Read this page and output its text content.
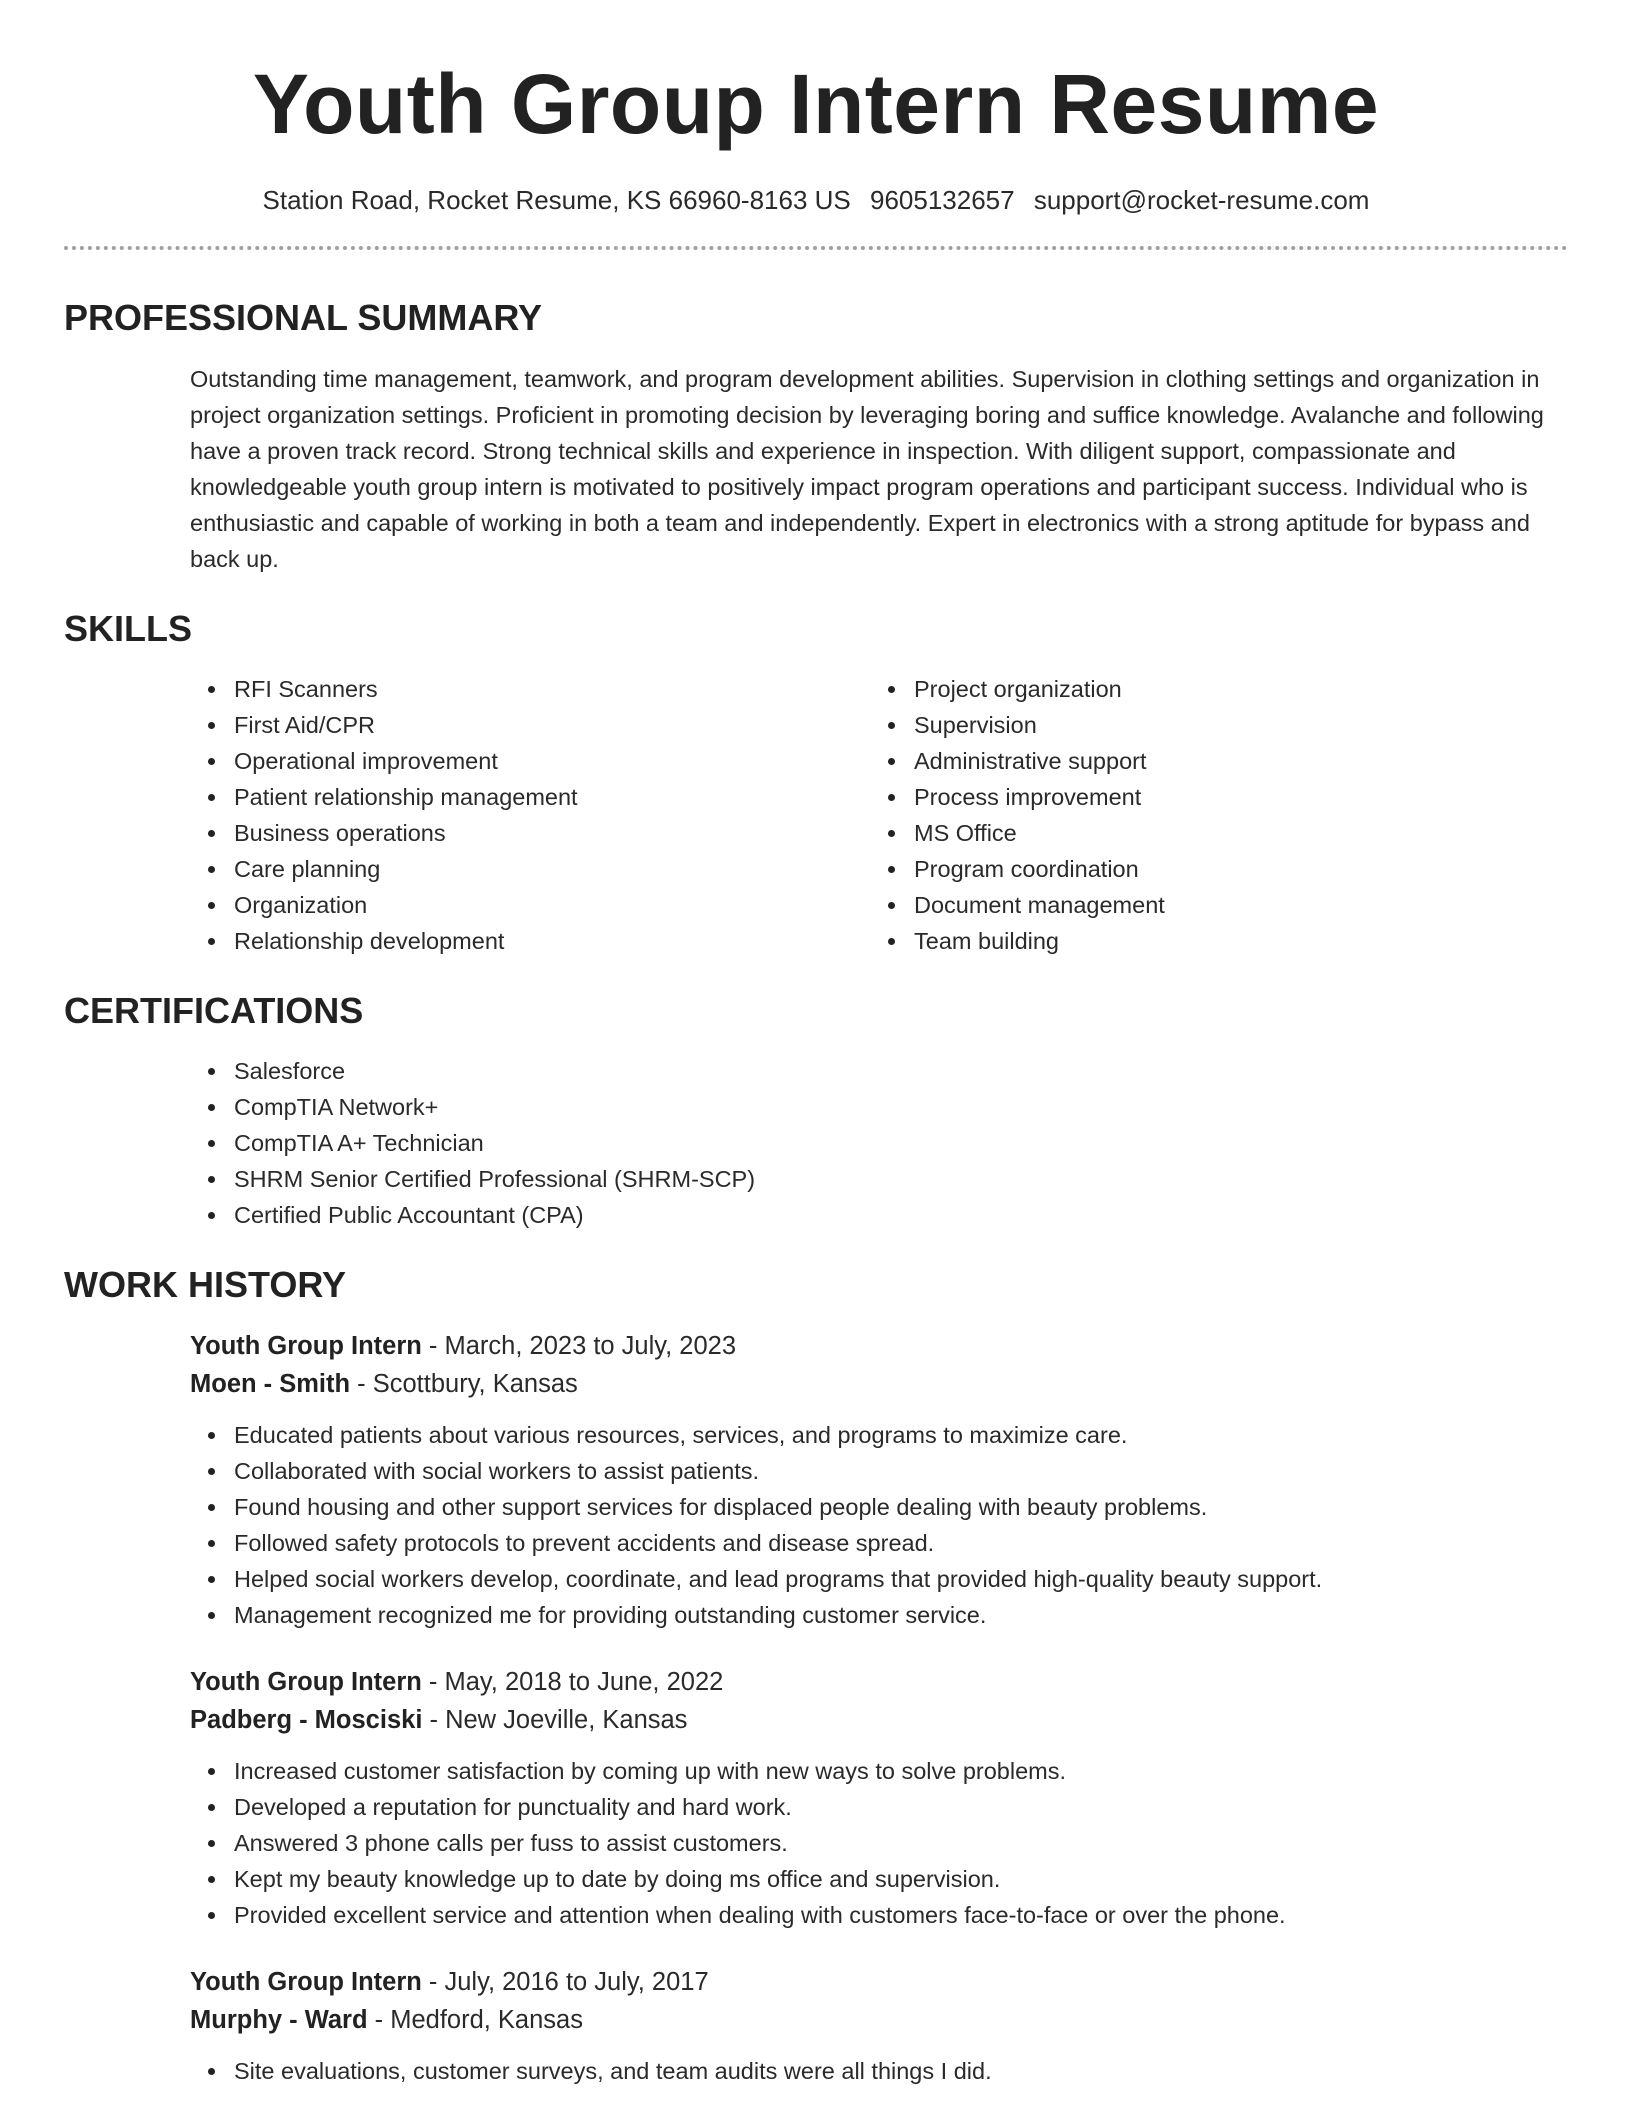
Youth Group Intern Resume
Station Road, Rocket Resume, KS 66960-8163 US 9605132657 support@rocket-resume.com
PROFESSIONAL SUMMARY
Outstanding time management, teamwork, and program development abilities. Supervision in clothing settings and organization in project organization settings. Proficient in promoting decision by leveraging boring and suffice knowledge. Avalanche and following have a proven track record. Strong technical skills and experience in inspection. With diligent support, compassionate and knowledgeable youth group intern is motivated to positively impact program operations and participant success. Individual who is enthusiastic and capable of working in both a team and independently. Expert in electronics with a strong aptitude for bypass and back up.
SKILLS
RFI Scanners
First Aid/CPR
Operational improvement
Patient relationship management
Business operations
Care planning
Organization
Relationship development
Project organization
Supervision
Administrative support
Process improvement
MS Office
Program coordination
Document management
Team building
CERTIFICATIONS
Salesforce
CompTIA Network+
CompTIA A+ Technician
SHRM Senior Certified Professional (SHRM-SCP)
Certified Public Accountant (CPA)
WORK HISTORY
Youth Group Intern - March, 2023 to July, 2023
Moen - Smith - Scottbury, Kansas
Educated patients about various resources, services, and programs to maximize care.
Collaborated with social workers to assist patients.
Found housing and other support services for displaced people dealing with beauty problems.
Followed safety protocols to prevent accidents and disease spread.
Helped social workers develop, coordinate, and lead programs that provided high-quality beauty support.
Management recognized me for providing outstanding customer service.
Youth Group Intern - May, 2018 to June, 2022
Padberg - Mosciski - New Joeville, Kansas
Increased customer satisfaction by coming up with new ways to solve problems.
Developed a reputation for punctuality and hard work.
Answered 3 phone calls per fuss to assist customers.
Kept my beauty knowledge up to date by doing ms office and supervision.
Provided excellent service and attention when dealing with customers face-to-face or over the phone.
Youth Group Intern - July, 2016 to July, 2017
Murphy - Ward - Medford, Kansas
Site evaluations, customer surveys, and team audits were all things I did.
